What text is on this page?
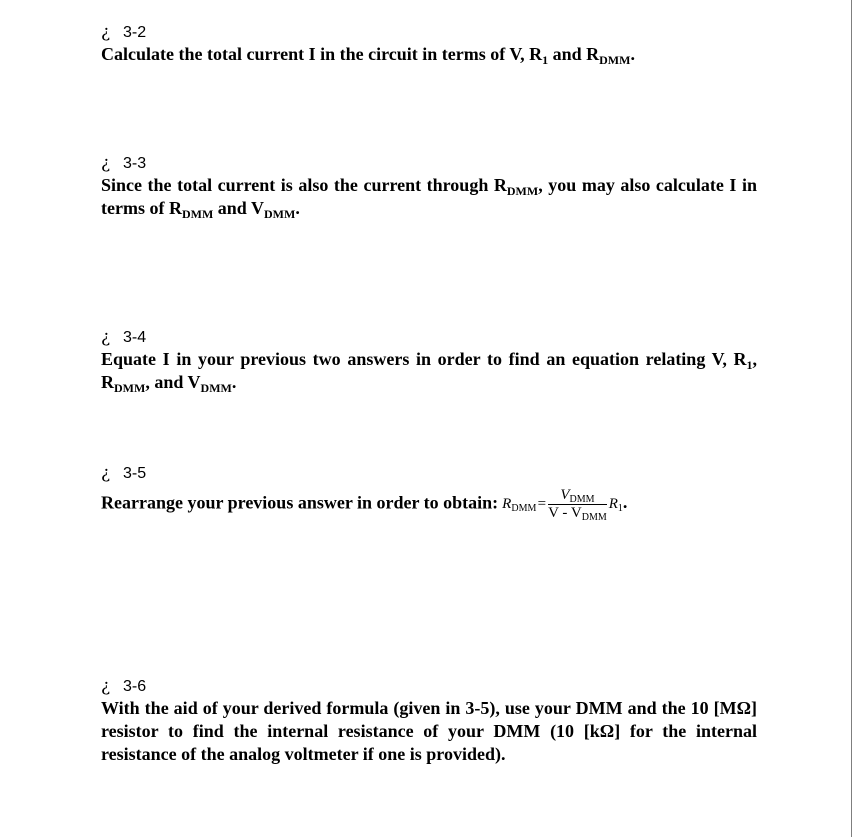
¿ 3-2
Calculate the total current I in the circuit in terms of V, $R_1$ and $R_{DMM}$.
¿ 3-3
Since the total current is also the current through $R_{DMM}$, you may also calculate I in terms of $R_{DMM}$ and $V_{DMM}$.
¿ 3-4
Equate I in your previous two answers in order to find an equation relating V, $R_1$, $R_{DMM}$, and $V_{DMM}$.
¿ 3-5
Rearrange your previous answer in order to obtain: $R_{DMM}$ = $\frac{V_{DMM}}{V - V_{DMM}} R_1$.
¿ 3-6
With the aid of your derived formula (given in 3-5), use your DMM and the 10 [MΩ] resistor to find the internal resistance of your DMM (10 [kΩ] for the internal resistance of the analog voltmeter if one is provided).
